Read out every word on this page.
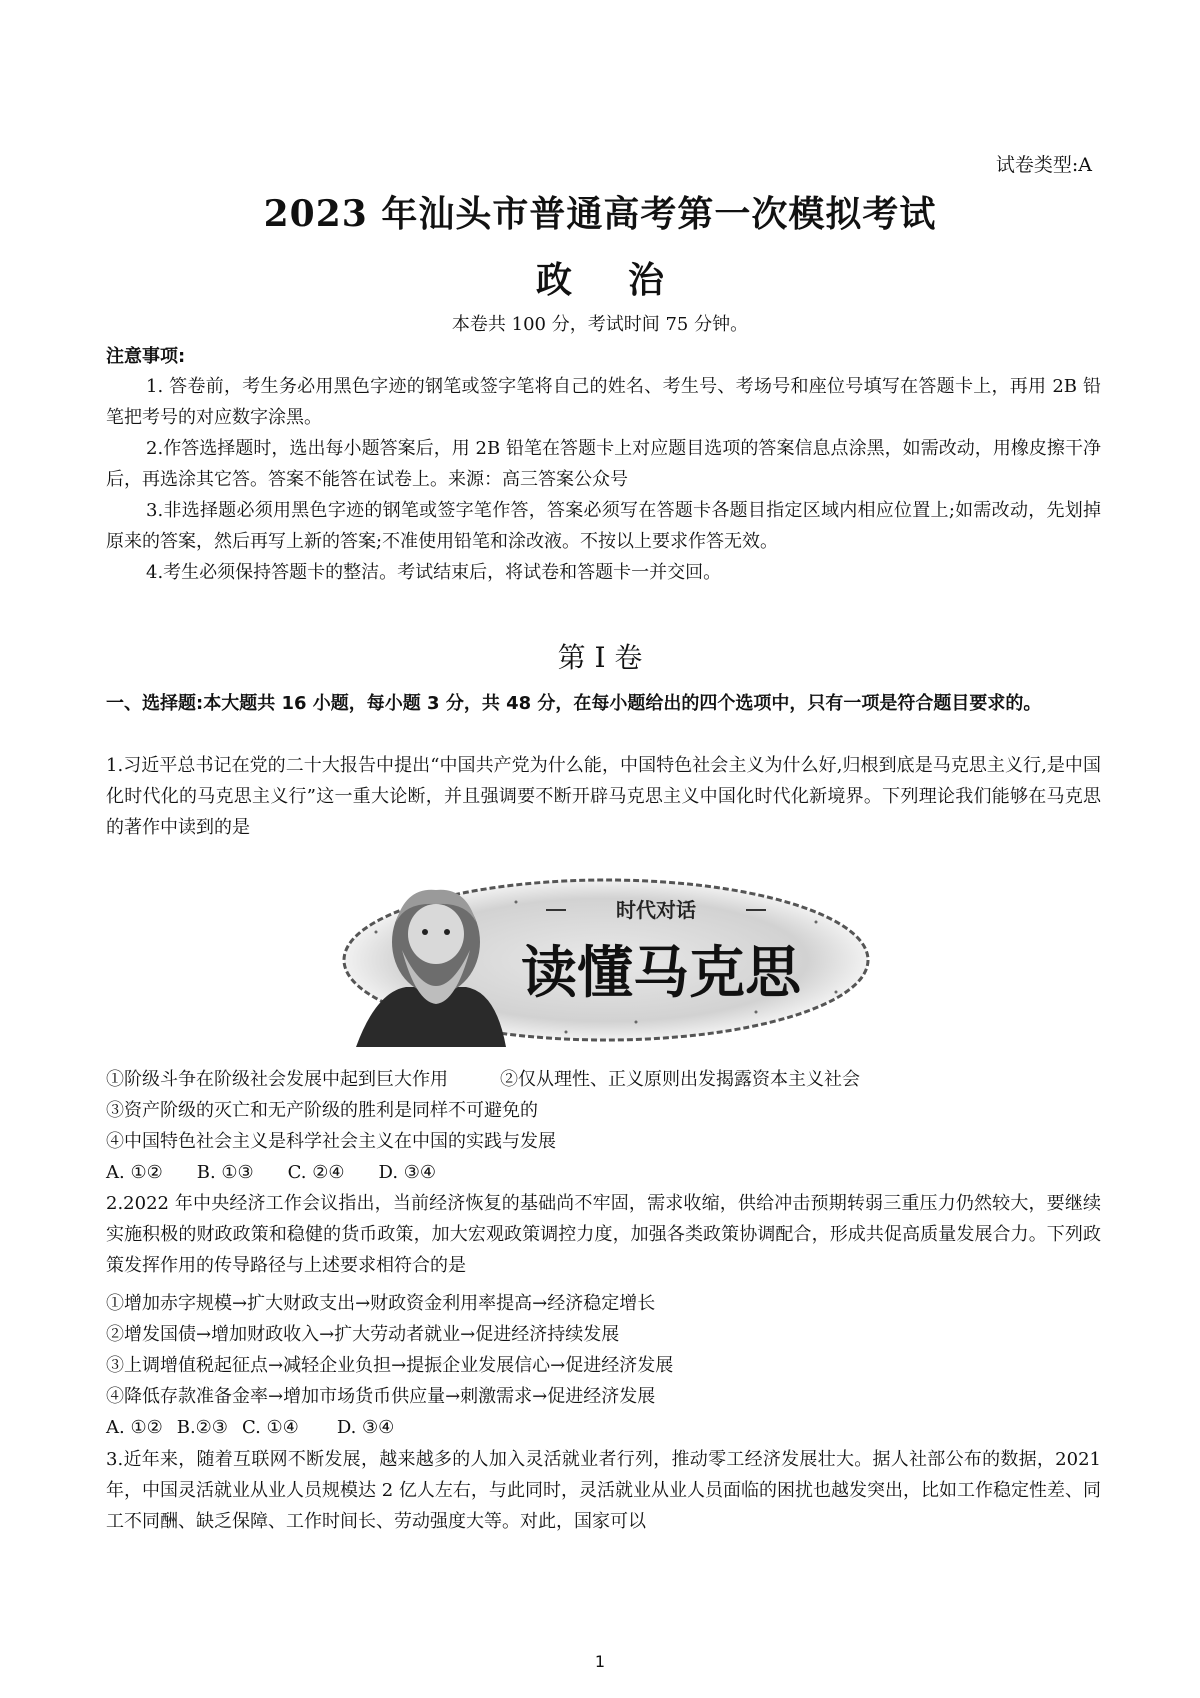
试卷类型:A
2023 年汕头市普通高考第一次模拟考试
政 治
本卷共 100 分，考试时间 75 分钟。
注意事项:
1. 答卷前，考生务必用黑色字迹的钢笔或签字笔将自己的姓名、考生号、考场号和座位号填写在答题卡上，再用 2B 铅笔把考号的对应数字涂黑。
2.作答选择题时，选出每小题答案后，用 2B 铅笔在答题卡上对应题目选项的答案信息点涂黑，如需改动，用橡皮擦干净后，再选涂其它答。答案不能答在试卷上。来源：高三答案公众号
3.非选择题必须用黑色字迹的钢笔或签字笔作答，答案必须写在答题卡各题目指定区域内相应位置上;如需改动，先划掉原来的答案，然后再写上新的答案;不准使用铅笔和涂改液。不按以上要求作答无效。
4.考生必须保持答题卡的整洁。考试结束后，将试卷和答题卡一并交回。
第 I 卷
一、选择题:本大题共 16 小题，每小题 3 分，共 48 分，在每小题给出的四个选项中，只有一项是符合题目要求的。
1.习近平总书记在党的二十大报告中提出“中国共产党为什么能，中国特色社会主义为什么好,归根到底是马克思主义行,是中国化时代化的马克思主义行”这一重大论断，并且强调要不断开辟马克思主义中国化时代化新境界。下列理论我们能够在马克思的著作中读到的是
时代对话
读懂马克思
①阶级斗争在阶级社会发展中起到巨大作用	②仅从理性、正义原则出发揭露资本主义社会
③资产阶级的灭亡和无产阶级的胜利是同样不可避免的
④中国特色社会主义是科学社会主义在中国的实践与发展
A. ①② B. ①③ C. ②④ D. ③④
2.2022 年中央经济工作会议指出，当前经济恢复的基础尚不牢固，需求收缩，供给冲击预期转弱三重压力仍然较大，要继续实施积极的财政政策和稳健的货币政策，加大宏观政策调控力度，加强各类政策协调配合，形成共促高质量发展合力。下列政策发挥作用的传导路径与上述要求相符合的是
①增加赤字规模→扩大财政支出→财政资金利用率提高→经济稳定增长
②增发国债→增加财政收入→扩大劳动者就业→促进经济持续发展
③上调增值税起征点→减轻企业负担→提振企业发展信心→促进经济发展
④降低存款准备金率→增加市场货币供应量→刺激需求→促进经济发展
A. ①② B.②③ C. ①④ D. ③④
3.近年来，随着互联网不断发展，越来越多的人加入灵活就业者行列，推动零工经济发展壮大。据人社部公布的数据，2021 年，中国灵活就业从业人员规模达 2 亿人左右，与此同时，灵活就业从业人员面临的困扰也越发突出，比如工作稳定性差、同工不同酬、缺乏保障、工作时间长、劳动强度大等。对此，国家可以
1
